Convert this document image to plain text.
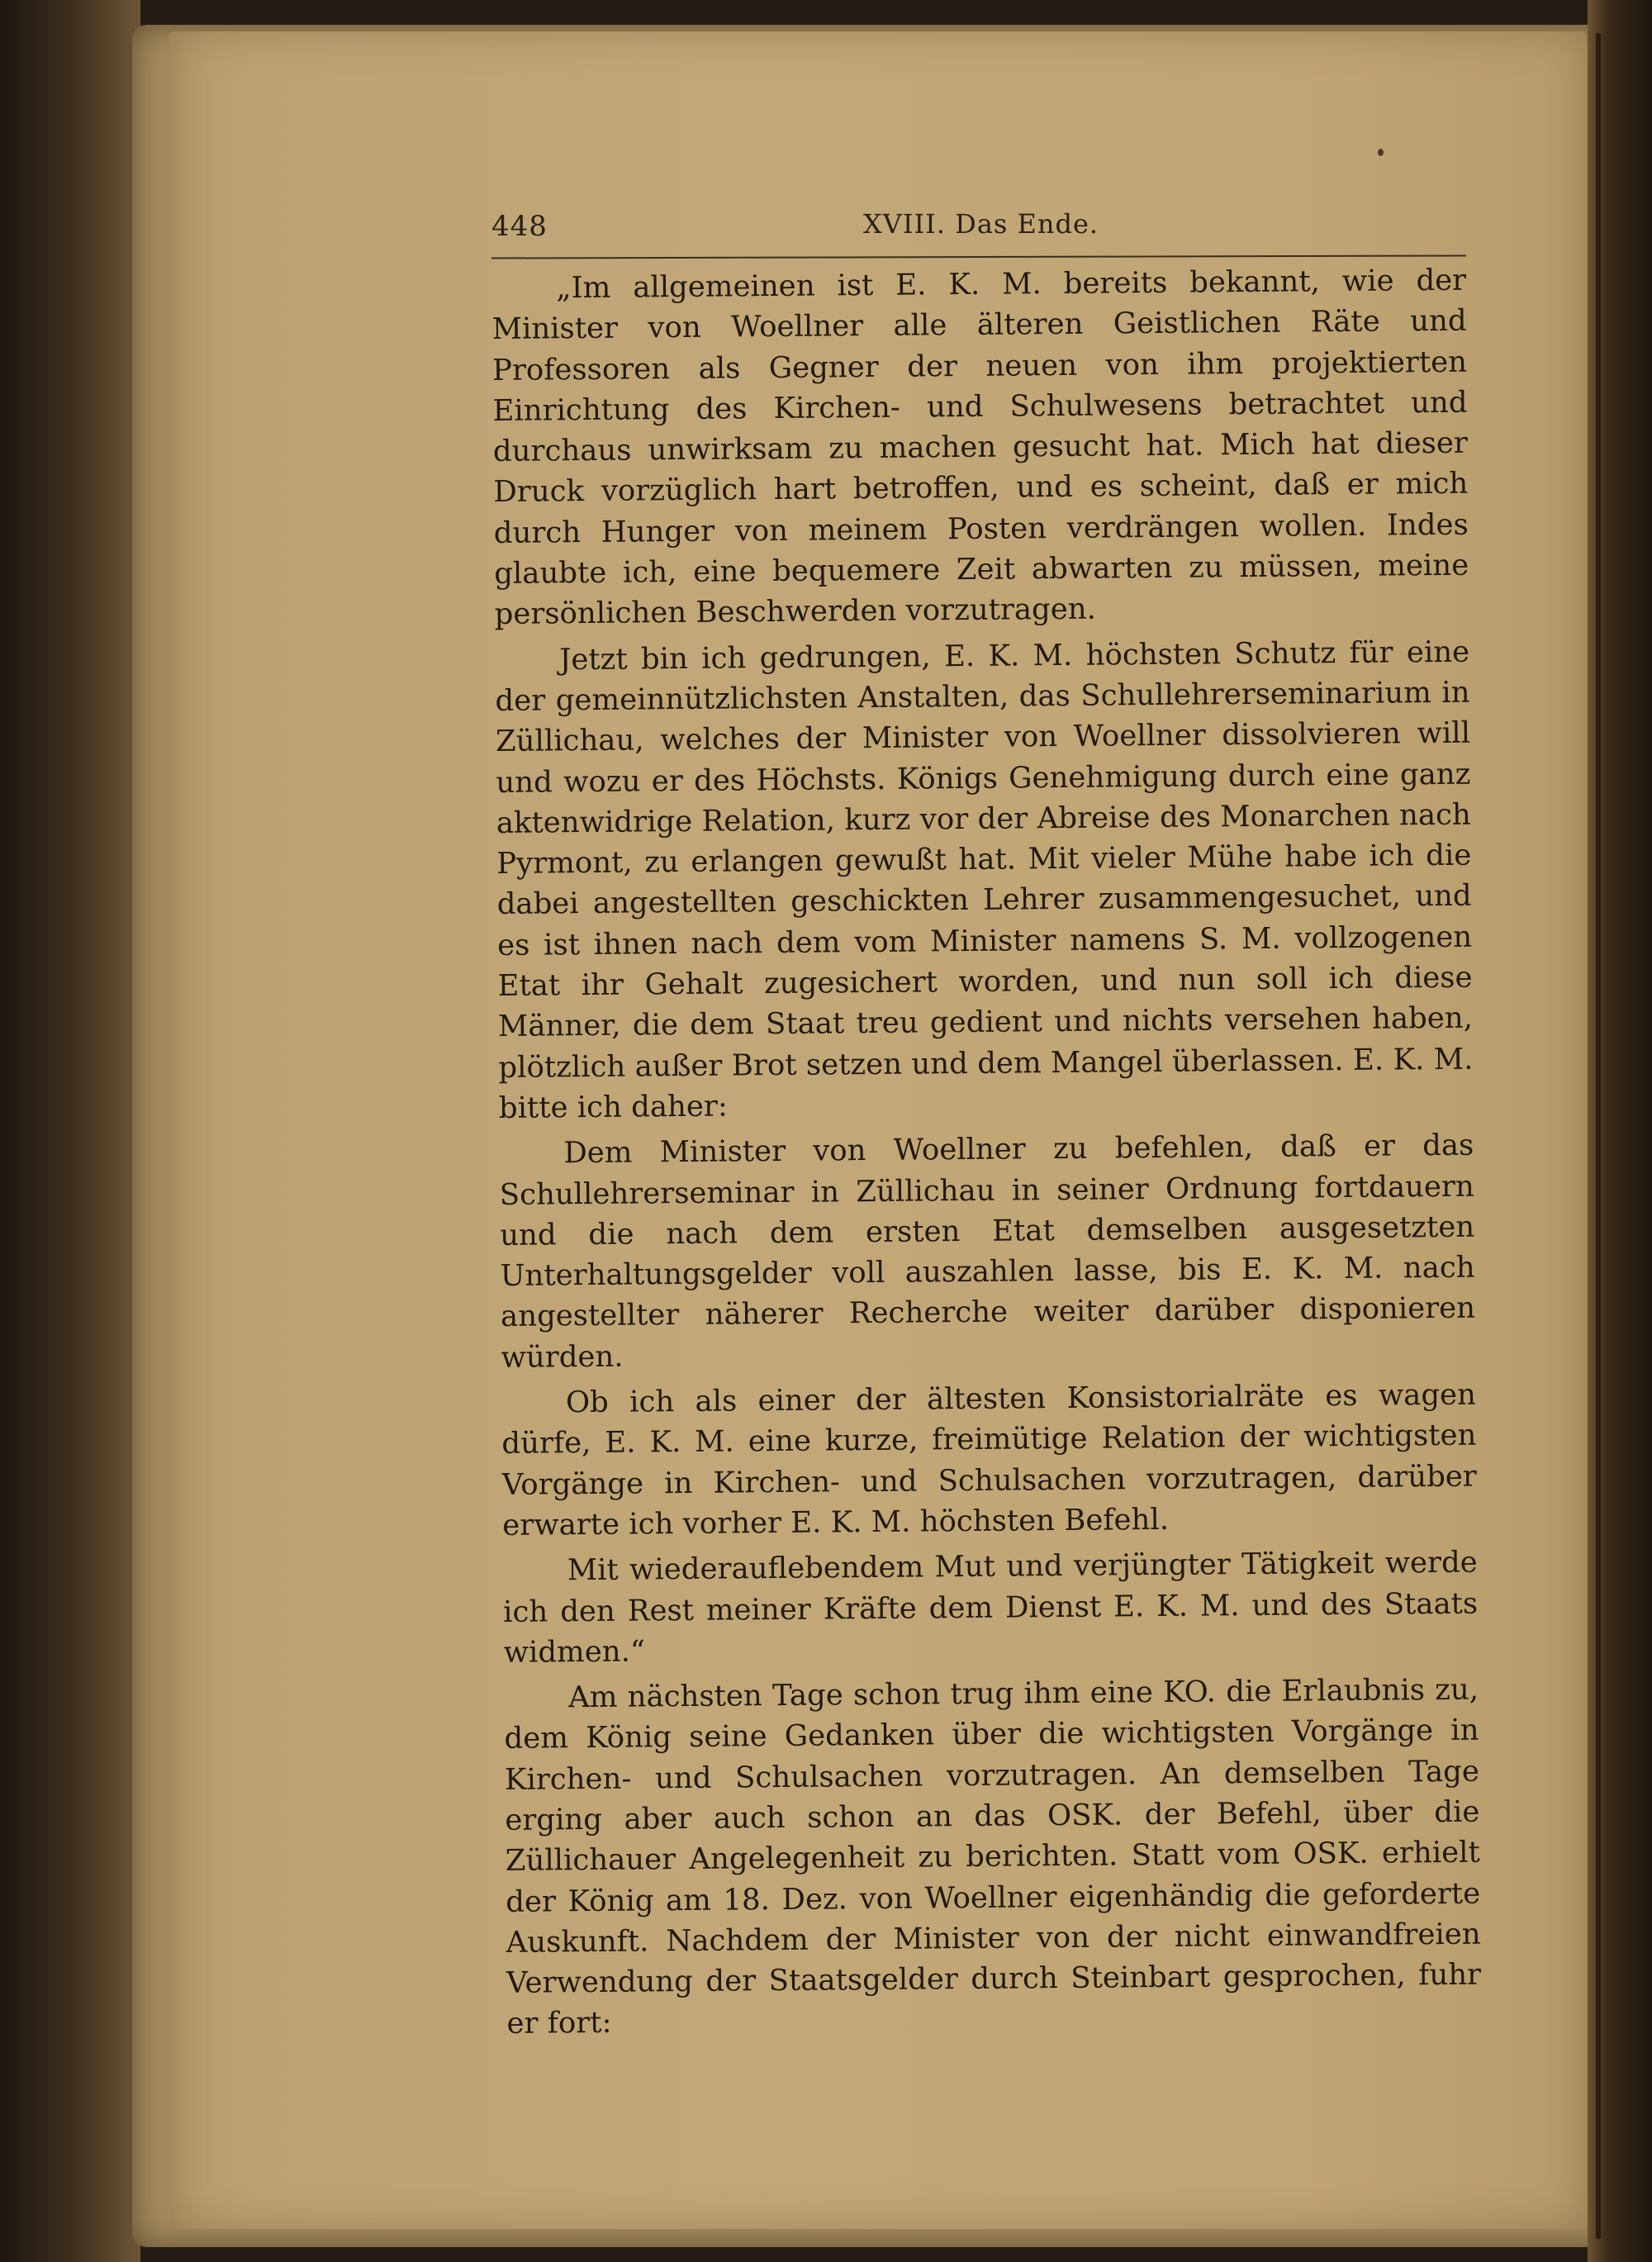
448	XVIII. Das Ende.

„Im allgemeinen ist E. K. M. bereits bekannt, wie der Minister von Woellner alle älteren Geistlichen Räte und Professoren als Gegner der neuen von ihm projektierten Einrichtung des Kirchen- und Schulwesens betrachtet und durchaus unwirksam zu machen gesucht hat. Mich hat dieser Druck vorzüglich hart betroffen, und es scheint, daß er mich durch Hunger von meinem Posten verdrängen wollen. Indes glaubte ich, eine bequemere Zeit abwarten zu müssen, meine persönlichen Beschwerden vorzutragen.

Jetzt bin ich gedrungen, E. K. M. höchsten Schutz für eine der gemeinnützlichsten Anstalten, das Schullehrerseminarium in Züllichau, welches der Minister von Woellner dissolvieren will und wozu er des Höchsts. Königs Genehmigung durch eine ganz aktenwidrige Relation, kurz vor der Abreise des Monarchen nach Pyrmont, zu erlangen gewußt hat. Mit vieler Mühe habe ich die dabei angestellten geschickten Lehrer zusammengesuchet, und es ist ihnen nach dem vom Minister namens S. M. vollzogenen Etat ihr Gehalt zugesichert worden, und nun soll ich diese Männer, die dem Staat treu gedient und nichts versehen haben, plötzlich außer Brot setzen und dem Mangel überlassen. E. K. M. bitte ich daher:

Dem Minister von Woellner zu befehlen, daß er das Schullehrerseminar in Züllichau in seiner Ordnung fortdauern und die nach dem ersten Etat demselben ausgesetzten Unterhaltungsgelder voll auszahlen lasse, bis E. K. M. nach angestellter näherer Recherche weiter darüber disponieren würden.

Ob ich als einer der ältesten Konsistorialräte es wagen dürfe, E. K. M. eine kurze, freimütige Relation der wichtigsten Vorgänge in Kirchen- und Schulsachen vorzutragen, darüber erwarte ich vorher E. K. M. höchsten Befehl.

Mit wiederauflebendem Mut und verjüngter Tätigkeit werde ich den Rest meiner Kräfte dem Dienst E. K. M. und des Staats widmen.“

Am nächsten Tage schon trug ihm eine KO. die Erlaubnis zu, dem König seine Gedanken über die wichtigsten Vorgänge in Kirchen- und Schulsachen vorzutragen. An demselben Tage erging aber auch schon an das OSK. der Befehl, über die Züllichauer Angelegenheit zu berichten. Statt vom OSK. erhielt der König am 18. Dez. von Woellner eigenhändig die geforderte Auskunft. Nachdem der Minister von der nicht einwandfreien Verwendung der Staatsgelder durch Steinbart gesprochen, fuhr er fort:
